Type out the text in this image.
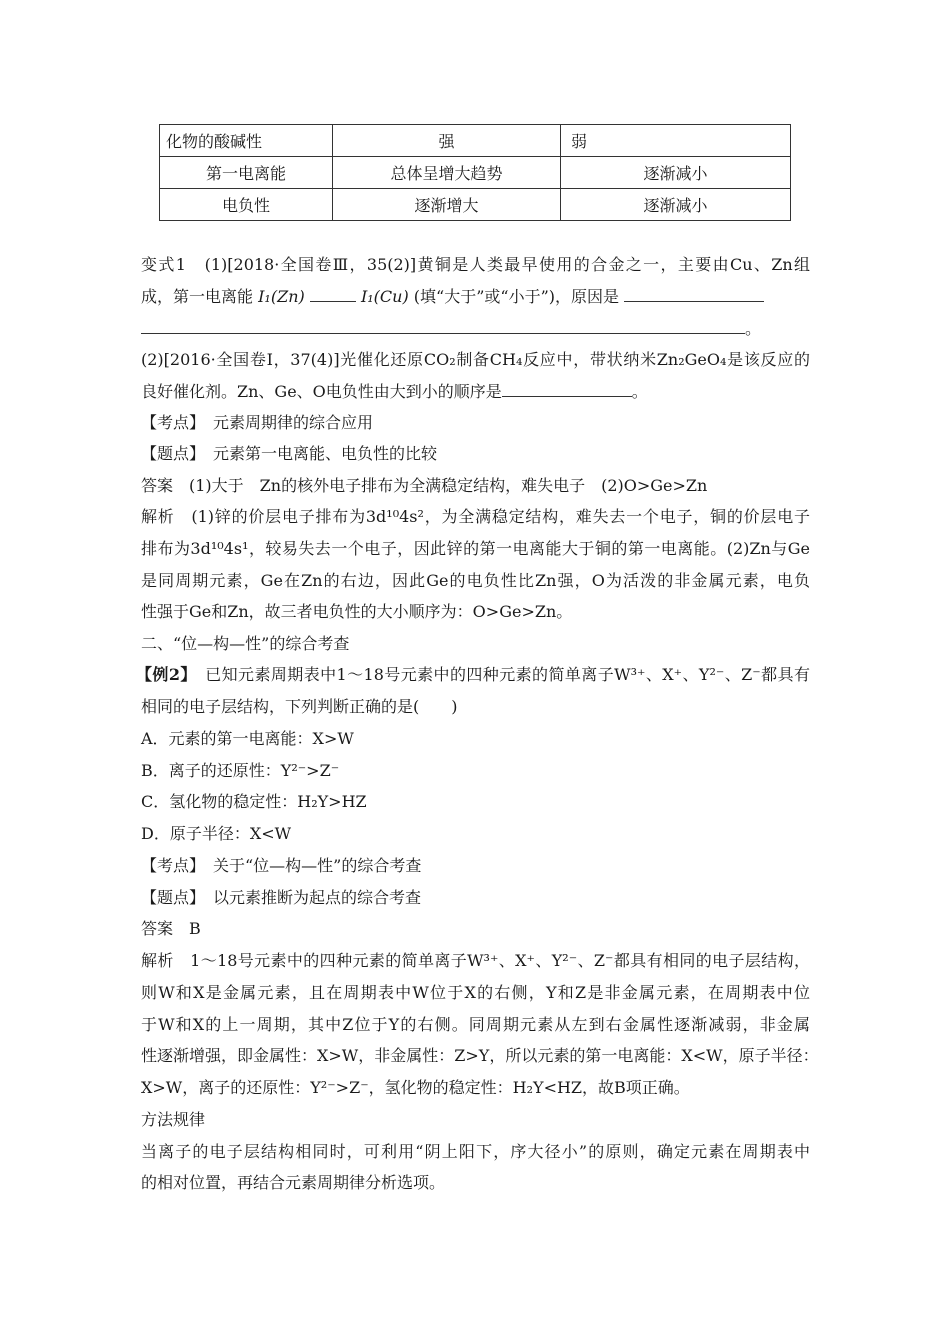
化物的酸碱性	强	弱
第一电离能	总体呈增大趋势	逐渐减小
电负性	逐渐增大	逐渐减小
变式1　(1)[2018·全国卷Ⅲ，35(2)]黄铜是人类最早使用的合金之一，主要由Cu、Zn组
成，第一电离能 I₁(Zn)	I₁(Cu) (填“大于”或“小于”)，原因是
。
(2)[2016·全国卷Ⅰ，37(4)]光催化还原CO₂制备CH₄反应中，带状纳米Zn₂GeO₄是该反应的
良好催化剂。Zn、Ge、O电负性由大到小的顺序是	。
【考点】　元素周期律的综合应用
【题点】　元素第一电离能、电负性的比较
答案　(1)大于　Zn的核外电子排布为全满稳定结构，难失电子　(2)O>Ge>Zn
解析　(1)锌的价层电子排布为3d¹⁰4s²，为全满稳定结构，难失去一个电子，铜的价层电子
排布为3d¹⁰4s¹，较易失去一个电子，因此锌的第一电离能大于铜的第一电离能。(2)Zn与Ge
是同周期元素，Ge在Zn的右边，因此Ge的电负性比Zn强，O为活泼的非金属元素，电负
性强于Ge和Zn，故三者电负性的大小顺序为：O>Ge>Zn。
二、“位—构—性”的综合考查
【例2】　已知元素周期表中1～18号元素中的四种元素的简单离子W³⁺、X⁺、Y²⁻、Z⁻都具有
相同的电子层结构，下列判断正确的是(　　)
A．元素的第一电离能：X>W
B．离子的还原性：Y²⁻>Z⁻
C．氢化物的稳定性：H₂Y>HZ
D．原子半径：X<W
【考点】　关于“位—构—性”的综合考查
【题点】　以元素推断为起点的综合考查
答案　B
解析　1～18号元素中的四种元素的简单离子W³⁺、X⁺、Y²⁻、Z⁻都具有相同的电子层结构，
则W和X是金属元素，且在周期表中W位于X的右侧，Y和Z是非金属元素，在周期表中位
于W和X的上一周期，其中Z位于Y的右侧。同周期元素从左到右金属性逐渐减弱，非金属
性逐渐增强，即金属性：X>W，非金属性：Z>Y，所以元素的第一电离能：X<W，原子半径：
X>W，离子的还原性：Y²⁻>Z⁻，氢化物的稳定性：H₂Y<HZ，故B项正确。
方法规律
当离子的电子层结构相同时，可利用“阴上阳下，序大径小”的原则，确定元素在周期表中
的相对位置，再结合元素周期律分析选项。
